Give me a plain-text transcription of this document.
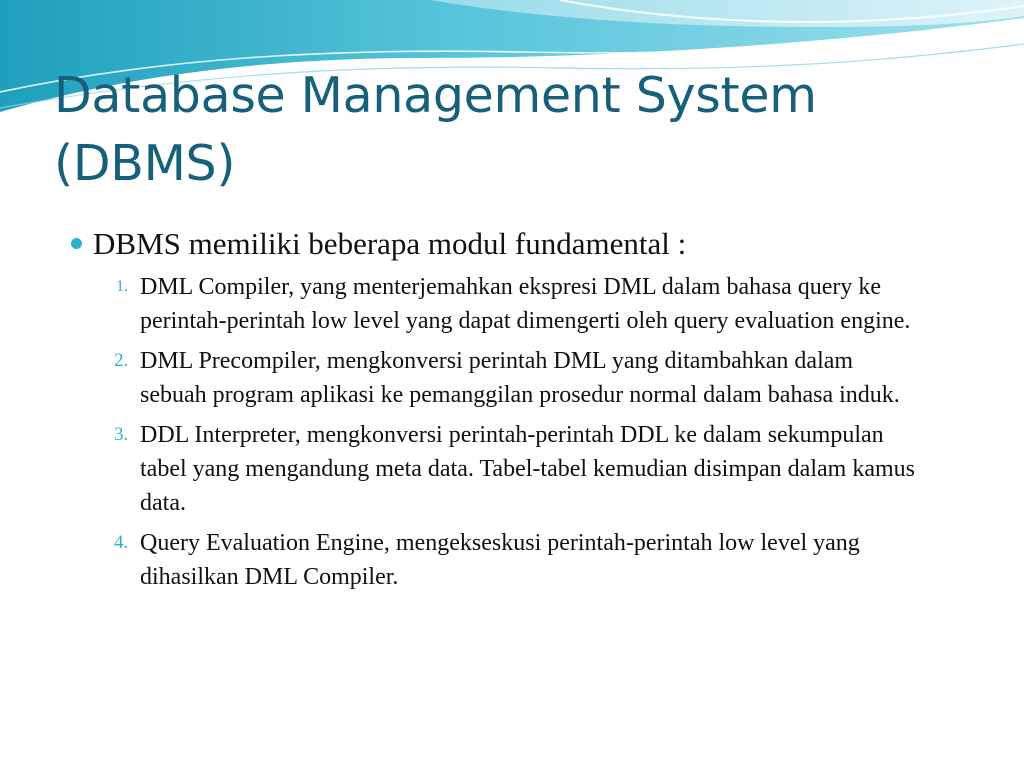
Database Management System (DBMS)
DBMS memiliki beberapa modul fundamental :
1. DML Compiler, yang menterjemahkan ekspresi DML dalam bahasa query ke perintah-perintah low level yang dapat dimengerti oleh query evaluation engine.
2. DML Precompiler, mengkonversi perintah DML yang ditambahkan dalam sebuah program aplikasi ke pemanggilan prosedur normal dalam bahasa induk.
3. DDL Interpreter, mengkonversi perintah-perintah DDL ke dalam sekumpulan tabel yang mengandung meta data. Tabel-tabel kemudian disimpan dalam kamus data.
4. Query Evaluation Engine, mengekseskusi perintah-perintah low level yang dihasilkan DML Compiler.
